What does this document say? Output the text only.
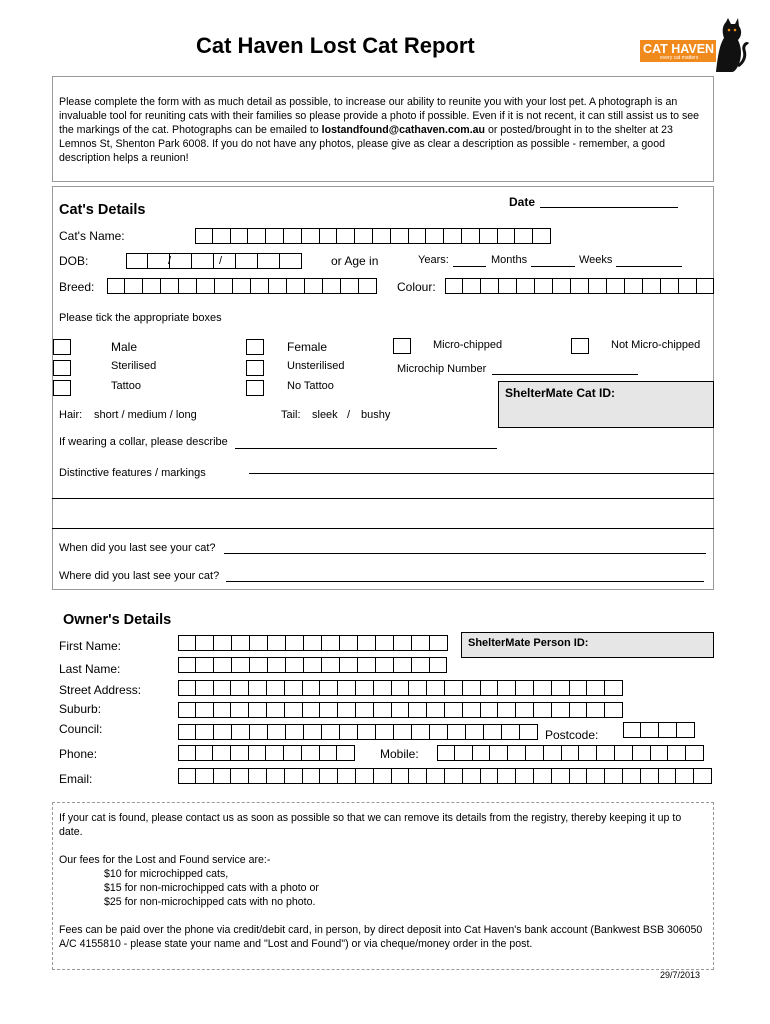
Cat Haven Lost Cat Report	CAT HAVEN
every cat matters
Please complete the form with as much detail as possible, to increase our ability to reunite you with your lost pet. A photograph is an invaluable tool for reuniting cats with their families so please provide a photo if possible. Even if it is not recent, it can still assist us to see the markings of the cat. Photographs can be emailed to lostandfound@cathaven.com.au or posted/brought in to the shelter at 23 Lemnos St, Shenton Park 6008. If you do not have any photos, please give as clear a description as possible - remember, a good description helps a reunion!
Cat's Details	Date
Cat's Name:
DOB:	/	/	or Age in	Years:	Months	Weeks
Breed:	Colour:
Please tick the appropriate boxes
Male	Female	Micro-chipped	Not Micro-chipped
Sterilised	Unsterilised	Microchip Number
Tattoo	No Tattoo	ShelterMate Cat ID:
Hair: short / medium / long	Tail: sleek / bushy
If wearing a collar, please describe
Distinctive features / markings
When did you last see your cat?
Where did you last see your cat?
Owner's Details
First Name:	ShelterMate Person ID:
Last Name:
Street Address:
Suburb:
Council:	Postcode:
Phone:	Mobile:
Email:
If your cat is found, please contact us as soon as possible so that we can remove its details from the registry, thereby keeping it up to date.
Our fees for the Lost and Found service are:-
$10 for microchipped cats,
$15 for non-microchipped cats with a photo or
$25 for non-microchipped cats with no photo.
Fees can be paid over the phone via credit/debit card, in person, by direct deposit into Cat Haven's bank account (Bankwest BSB 306050 A/C 4155810 - please state your name and "Lost and Found") or via cheque/money order in the post.
29/7/2013
